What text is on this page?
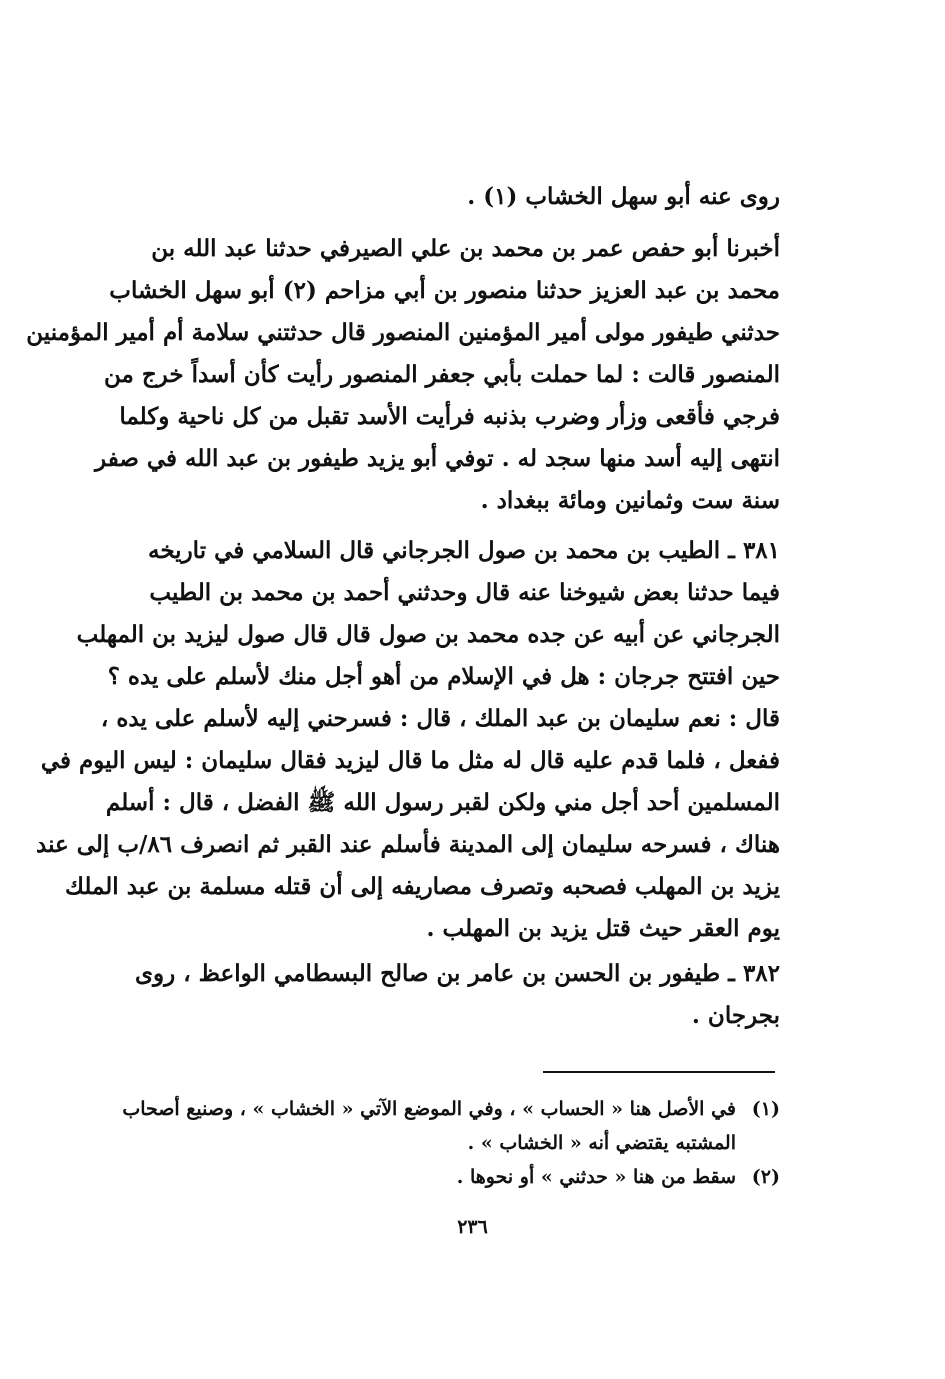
روى عنه أبو سهل الخشاب (١) .
أخبرنا أبو حفص عمر بن محمد بن علي الصيرفي حدثنا عبد الله بن
محمد بن عبد العزيز حدثنا منصور بن أبي مزاحم (٢) أبو سهل الخشاب
حدثني طيفور مولى أمير المؤمنين المنصور قال حدثتني سلامة أم أمير المؤمنين
المنصور قالت : لما حملت بأبي جعفر المنصور رأيت كأن أسداً خرج من
فرجي فأقعى وزأر وضرب بذنبه فرأيت الأسد تقبل من كل ناحية وكلما
انتهى إليه أسد منها سجد له . توفي أبو يزيد طيفور بن عبد الله في صفر
سنة ست وثمانين ومائة ببغداد .
٣٨١ ـ الطيب بن محمد بن صول الجرجاني قال السلامي في تاريخه
فيما حدثنا بعض شيوخنا عنه قال وحدثني أحمد بن محمد بن الطيب
الجرجاني عن أبيه عن جده محمد بن صول قال قال صول ليزيد بن المهلب
حين افتتح جرجان : هل في الإسلام من أهو أجل منك لأسلم على يده ؟
قال : نعم سليمان بن عبد الملك ، قال : فسرحني إليه لأسلم على يده ،
ففعل ، فلما قدم عليه قال له مثل ما قال ليزيد فقال سليمان : ليس اليوم في
المسلمين أحد أجل مني ولكن لقبر رسول الله ﷺ الفضل ، قال : أسلم
هناك ، فسرحه سليمان إلى المدينة فأسلم عند القبر ثم انصرف ٨٦/ب إلى عند
يزيد بن المهلب فصحبه وتصرف مصاريفه إلى أن قتله مسلمة بن عبد الملك
يوم العقر حيث قتل يزيد بن المهلب .
٣٨٢ ـ طيفور بن الحسن بن عامر بن صالح البسطامي الواعظ ، روى
بجرجان .
(١)في الأصل هنا « الحساب » ، وفي الموضع الآتي « الخشاب » ، وصنيع أصحاب
المشتبه يقتضي أنه « الخشاب » .
(٢)سقط من هنا « حدثني » أو نحوها .
٢٣٦
